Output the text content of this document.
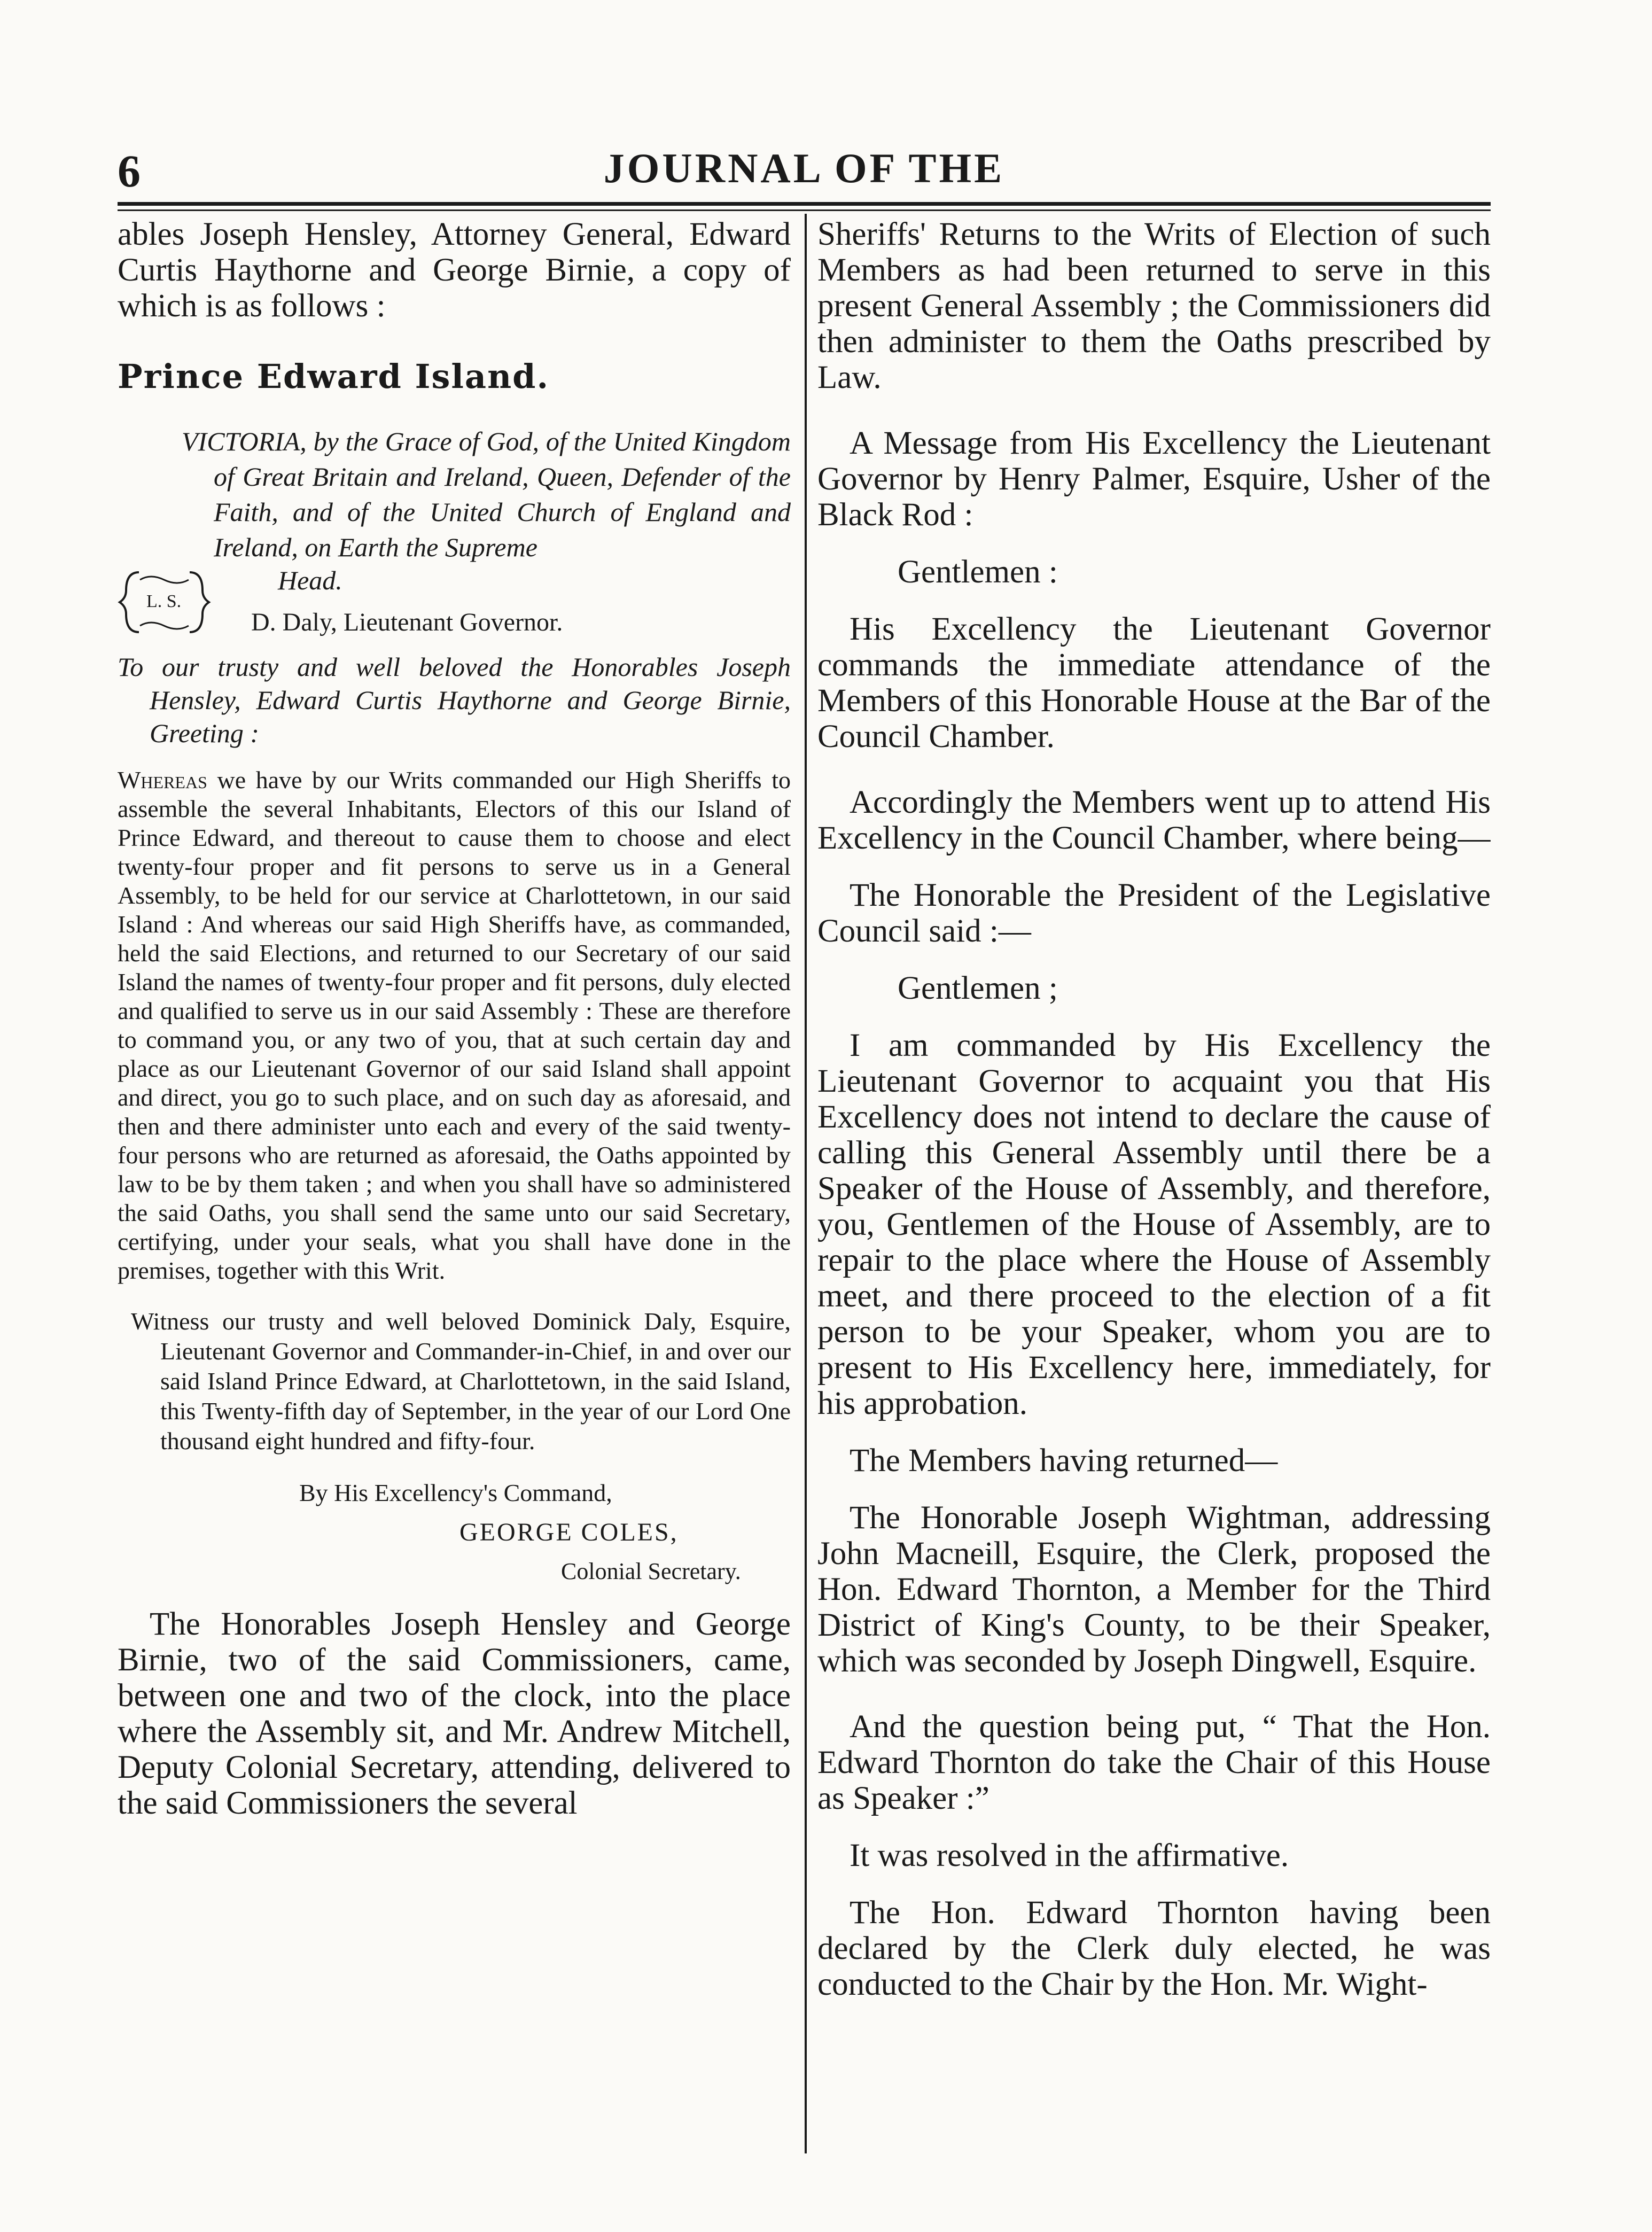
6	JOURNAL OF THE

ables Joseph Hensley, Attorney General, Edward Curtis Haythorne and George Birnie, a copy of which is as follows :

Prince Edward Island.

VICTORIA, by the Grace of God, of the United Kingdom of Great Britain and Ireland, Queen, Defender of the Faith, and of the United Church of England and Ireland, on Earth the Supreme

L. S.
Head.
D. Daly, Lieutenant Governor.

To our trusty and well beloved the Honorables Joseph Hensley, Edward Curtis Haythorne and George Birnie, Greeting :

Whereas we have by our Writs commanded our High Sheriffs to assemble the several Inhabitants, Electors of this our Island of Prince Edward, and thereout to cause them to choose and elect twenty-four proper and fit persons to serve us in a General Assembly, to be held for our service at Charlottetown, in our said Island : And whereas our said High Sheriffs have, as commanded, held the said Elections, and returned to our Secretary of our said Island the names of twenty-four proper and fit persons, duly elected and qualified to serve us in our said Assembly : These are therefore to command you, or any two of you, that at such certain day and place as our Lieutenant Governor of our said Island shall appoint and direct, you go to such place, and on such day as aforesaid, and then and there administer unto each and every of the said twenty-four persons who are returned as aforesaid, the Oaths appointed by law to be by them taken ; and when you shall have so administered the said Oaths, you shall send the same unto our said Secretary, certifying, under your seals, what you shall have done in the premises, together with this Writ.

Witness our trusty and well beloved Dominick Daly, Esquire, Lieutenant Governor and Commander-in-Chief, in and over our said Island Prince Edward, at Charlottetown, in the said Island, this Twenty-fifth day of September, in the year of our Lord One thousand eight hundred and fifty-four.

By His Excellency's Command,

GEORGE COLES,

Colonial Secretary.

The Honorables Joseph Hensley and George Birnie, two of the said Commissioners, came, between one and two of the clock, into the place where the Assembly sit, and Mr. Andrew Mitchell, Deputy Colonial Secretary, attending, delivered to the said Commissioners the several

Sheriffs' Returns to the Writs of Election of such Members as had been returned to serve in this present General Assembly ; the Commissioners did then administer to them the Oaths prescribed by Law.

A Message from His Excellency the Lieutenant Governor by Henry Palmer, Esquire, Usher of the Black Rod :

Gentlemen :

His Excellency the Lieutenant Governor commands the immediate attendance of the Members of this Honorable House at the Bar of the Council Chamber.

Accordingly the Members went up to attend His Excellency in the Council Chamber, where being—

The Honorable the President of the Legislative Council said :—

Gentlemen ;

I am commanded by His Excellency the Lieutenant Governor to acquaint you that His Excellency does not intend to declare the cause of calling this General Assembly until there be a Speaker of the House of Assembly, and therefore, you, Gentlemen of the House of Assembly, are to repair to the place where the House of Assembly meet, and there proceed to the election of a fit person to be your Speaker, whom you are to present to His Excellency here, immediately, for his approbation.

The Members having returned—

The Honorable Joseph Wightman, addressing John Macneill, Esquire, the Clerk, proposed the Hon. Edward Thornton, a Member for the Third District of King's County, to be their Speaker, which was seconded by Joseph Dingwell, Esquire.

And the question being put, “ That the Hon. Edward Thornton do take the Chair of this House as Speaker :”

It was resolved in the affirmative.

The Hon. Edward Thornton having been declared by the Clerk duly elected, he was conducted to the Chair by the Hon. Mr. Wight-
